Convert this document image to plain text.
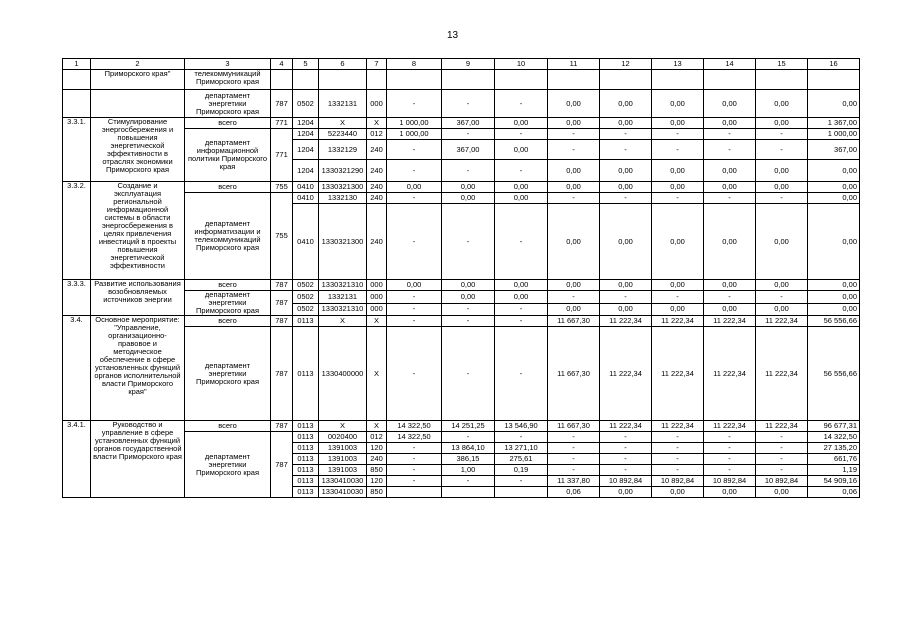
13
1	2	3	4	5	6	7	8	9	10	11	12	13	14	15	16
	Приморского края"	телекоммуникаций Приморского края													
		департамент энергетики Приморского края	787	0502	1332131	000	-	-	-	0,00	0,00	0,00	0,00	0,00	0,00
3.3.1.	Стимулирование энергосбережения и повышения энергетической эффективности в отраслях экономики Приморского края	всего	771	1204	X	X	1 000,00	367,00	0,00	0,00	0,00	0,00	0,00	0,00	1 367,00
		департамент информационной политики Приморского края	771	1204	5223440	012	1 000,00	-	-	-	-	-	-	-	1 000,00
				1204	1332129	240	-	367,00	0,00	-	-	-	-	-	367,00
				1204	1330321290	240	-	-	-	0,00	0,00	0,00	0,00	0,00	0,00
3.3.2.	Создание и эксплуатация региональной информационной системы в области энергосбережения в целях привлечения инвестиций в проекты повышения энергетической эффективности	всего	755	0410	1330321300	240	0,00	0,00	0,00	0,00	0,00	0,00	0,00	0,00	0,00
		департамент информатизации и телекоммуникаций Приморского края	755	0410	1332130	240	-	0,00	0,00	-	-	-	-	-	0,00
				0410	1330321300	240	-	-	-	0,00	0,00	0,00	0,00	0,00	0,00
3.3.3.	Развитие использования возобновляемых источников энергии	всего	787	0502	1330321310	000	0,00	0,00	0,00	0,00	0,00	0,00	0,00	0,00	0,00
		департамент энергетики Приморского края	787	0502	1332131	000	-	0,00	0,00	-	-	-	-	-	0,00
				0502	1330321310	000	-	-	-	0,00	0,00	0,00	0,00	0,00	0,00
3.4.	Основное мероприятие: "Управление, организационно-правовое и методическое обеспечение в сфере установленных функций органов исполнительной власти Приморского края"	всего	787	0113	X	X	-	-	-	11 667,30	11 222,34	11 222,34	11 222,34	11 222,34	56 556,66
		департамент энергетики Приморского края	787	0113	1330400000	X	-	-	-	11 667,30	11 222,34	11 222,34	11 222,34	11 222,34	56 556,66
3.4.1.	Руководство и управление в сфере установленных функций органов государственной власти Приморского края	всего	787	0113	X	X	14 322,50	14 251,25	13 546,90	11 667,30	11 222,34	11 222,34	11 222,34	11 222,34	96 677,31
		департамент энергетики Приморского края	787	0113	0020400	012	14 322,50	-	-	-	-	-	-	-	14 322,50
				0113	1391003	120	-	13 864,10	13 271,10	-	-	-	-	-	27 135,20
				0113	1391003	240	-	386,15	275,61	-	-	-	-	-	661,76
				0113	1391003	850	-	1,00	0,19	-	-	-	-	-	1,19
				0113	1330410030	120	-	-	-	11 337,80	10 892,84	10 892,84	10 892,84	10 892,84	54 909,16
				0113	1330410030	850				0,06	0,00	0,00	0,00	0,00	0,06
